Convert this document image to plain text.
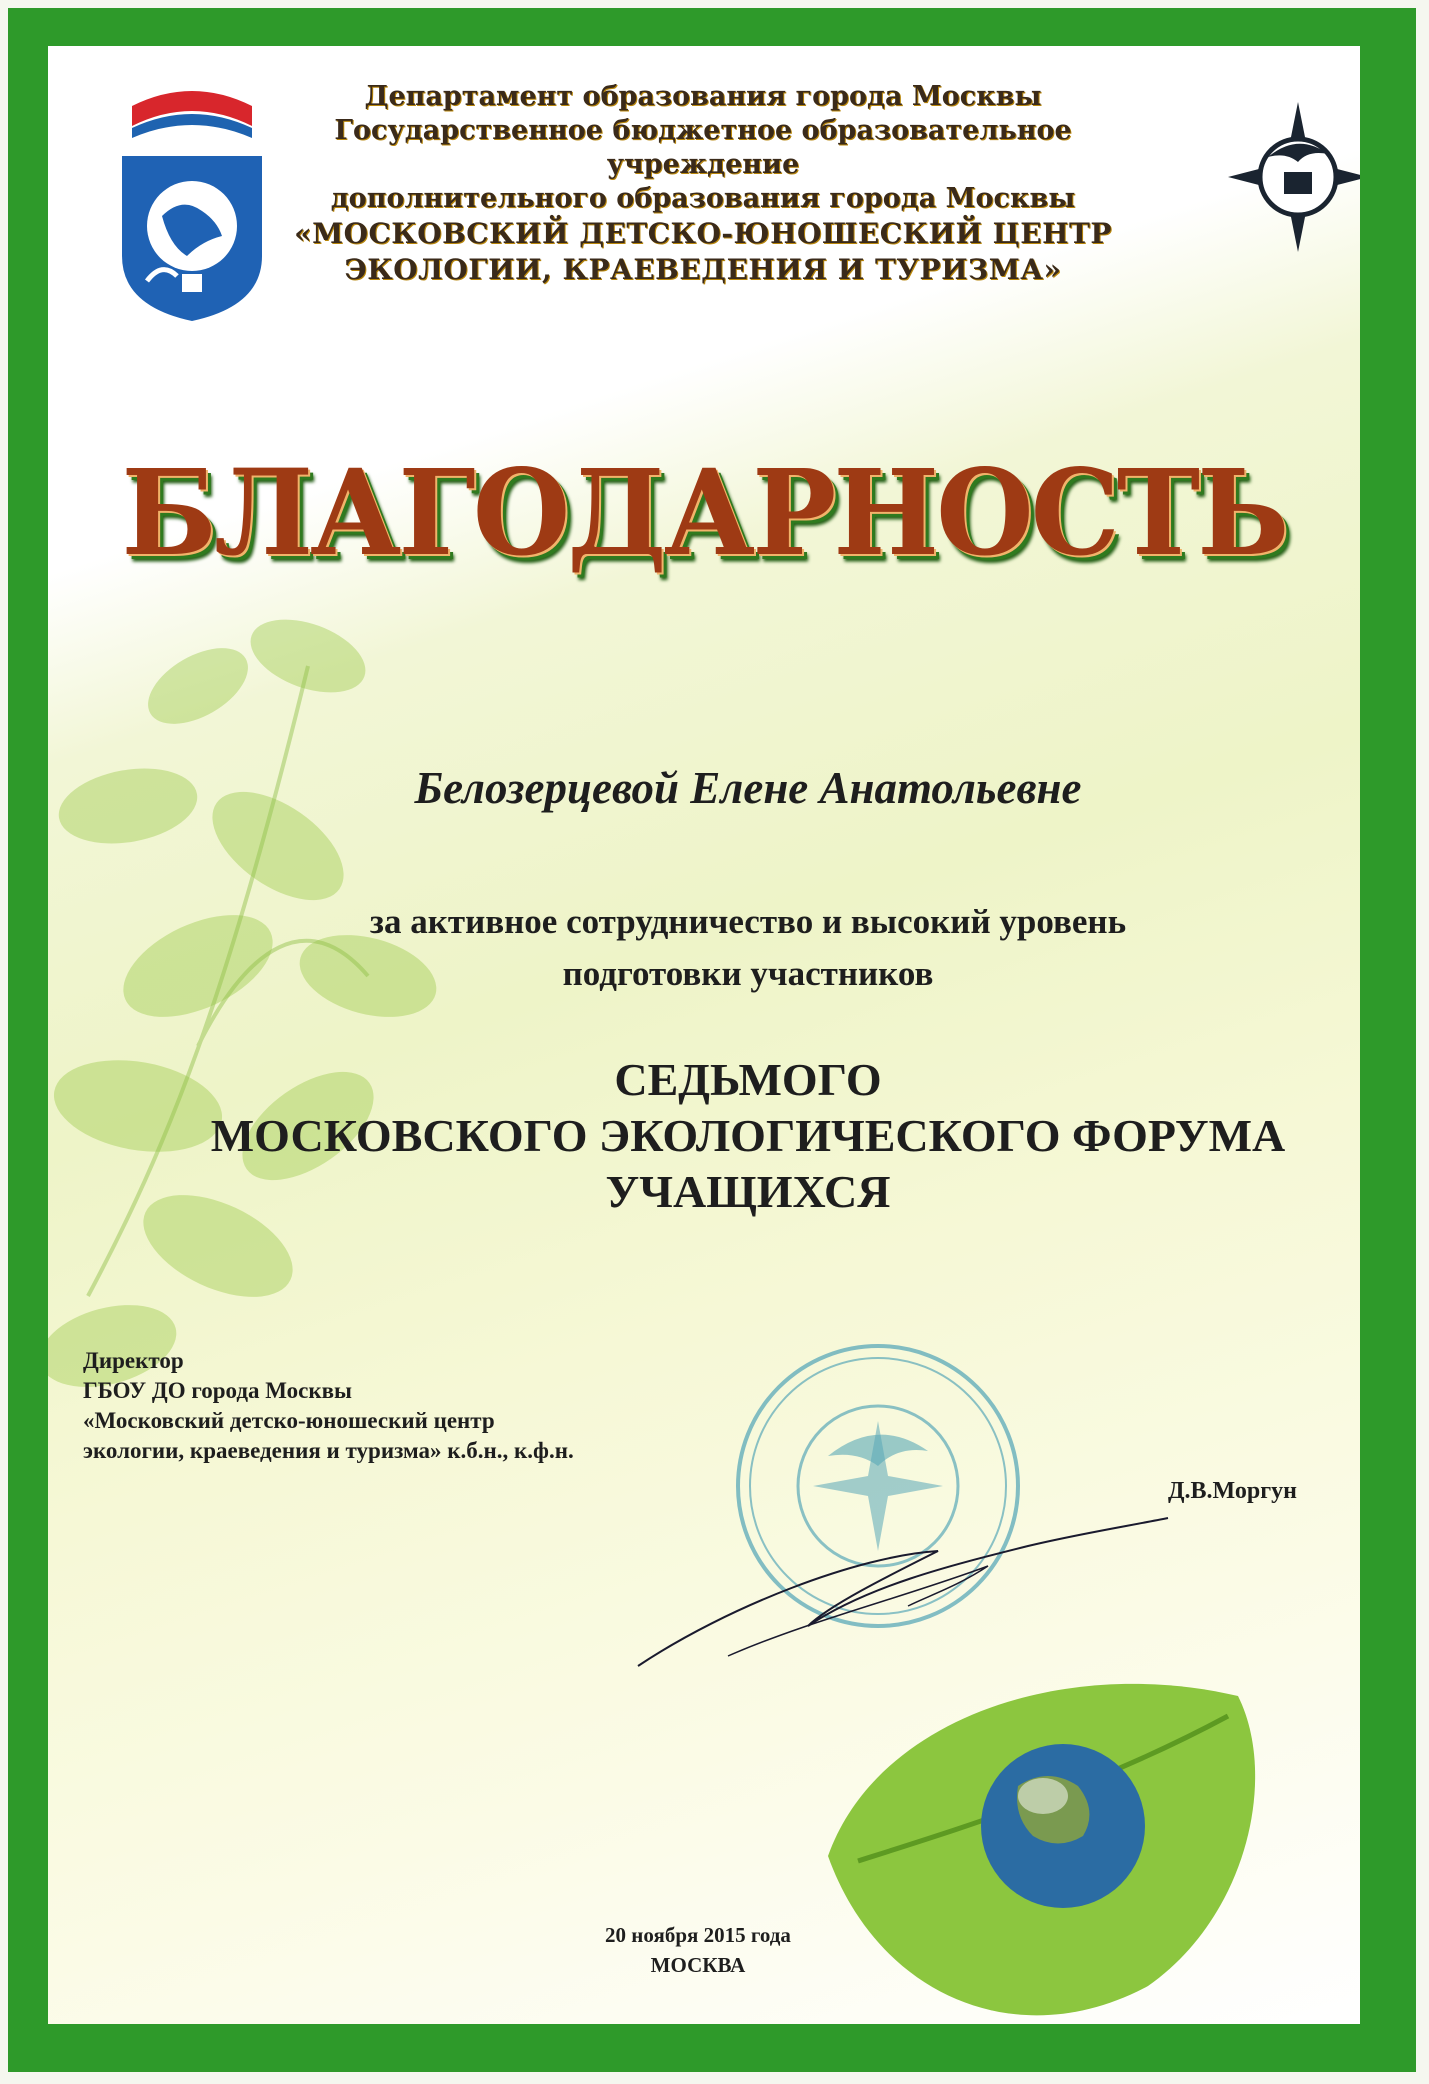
Департамент образования города Москвы
Государственное бюджетное образовательное учреждение
дополнительного образования города Москвы
«МОСКОВСКИЙ ДЕТСКО-ЮНОШЕСКИЙ ЦЕНТР
ЭКОЛОГИИ, КРАЕВЕДЕНИЯ И ТУРИЗМА»
БЛАГОДАРНОСТЬ
Белозерцевой Елене Анатольевне
за активное сотрудничество и высокий уровень
подготовки участников
СЕДЬМОГО
МОСКОВСКОГО ЭКОЛОГИЧЕСКОГО ФОРУМА
УЧАЩИХСЯ
Директор
ГБОУ ДО города Москвы
«Московский детско-юношеский центр
экологии, краеведения и туризма» к.б.н., к.ф.н.
Д.В.Моргун
20 ноября 2015 года
МОСКВА
